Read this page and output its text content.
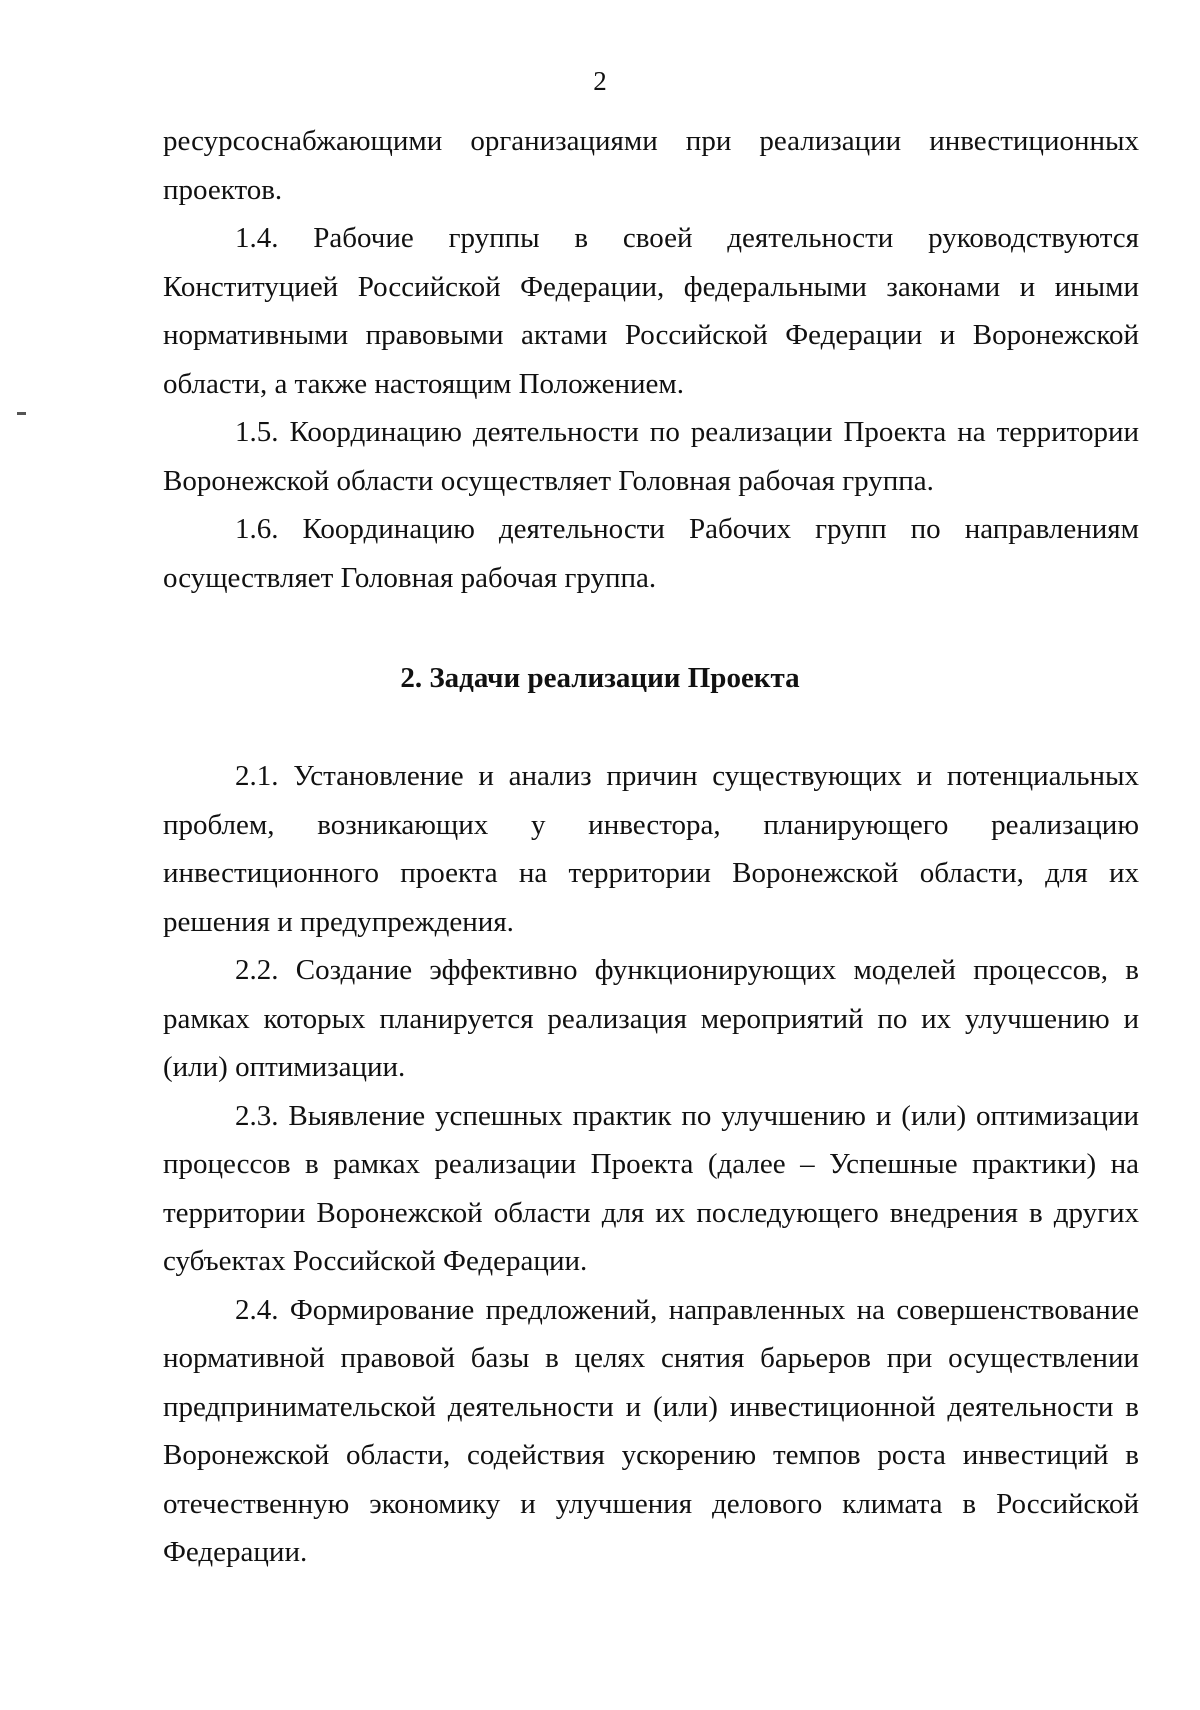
2

ресурсоснабжающими организациями при реализации инвестиционных проектов.

1.4. Рабочие группы в своей деятельности руководствуются Конституцией Российской Федерации, федеральными законами и иными нормативными правовыми актами Российской Федерации и Воронежской области, а также настоящим Положением.

1.5. Координацию деятельности по реализации Проекта на территории Воронежской области осуществляет Головная рабочая группа.

1.6. Координацию деятельности Рабочих групп по направлениям осуществляет Головная рабочая группа.

2. Задачи реализации Проекта

2.1. Установление и анализ причин существующих и потенциальных проблем, возникающих у инвестора, планирующего реализацию инвестиционного проекта на территории Воронежской области, для их решения и предупреждения.

2.2. Создание эффективно функционирующих моделей процессов, в рамках которых планируется реализация мероприятий по их улучшению и (или) оптимизации.

2.3. Выявление успешных практик по улучшению и (или) оптимизации процессов в рамках реализации Проекта (далее – Успешные практики) на территории Воронежской области для их последующего внедрения в других субъектах Российской Федерации.

2.4. Формирование предложений, направленных на совершенствование нормативной правовой базы в целях снятия барьеров при осуществлении предпринимательской деятельности и (или) инвестиционной деятельности в Воронежской области, содействия ускорению темпов роста инвестиций в отечественную экономику и улучшения делового климата в Российской Федерации.
